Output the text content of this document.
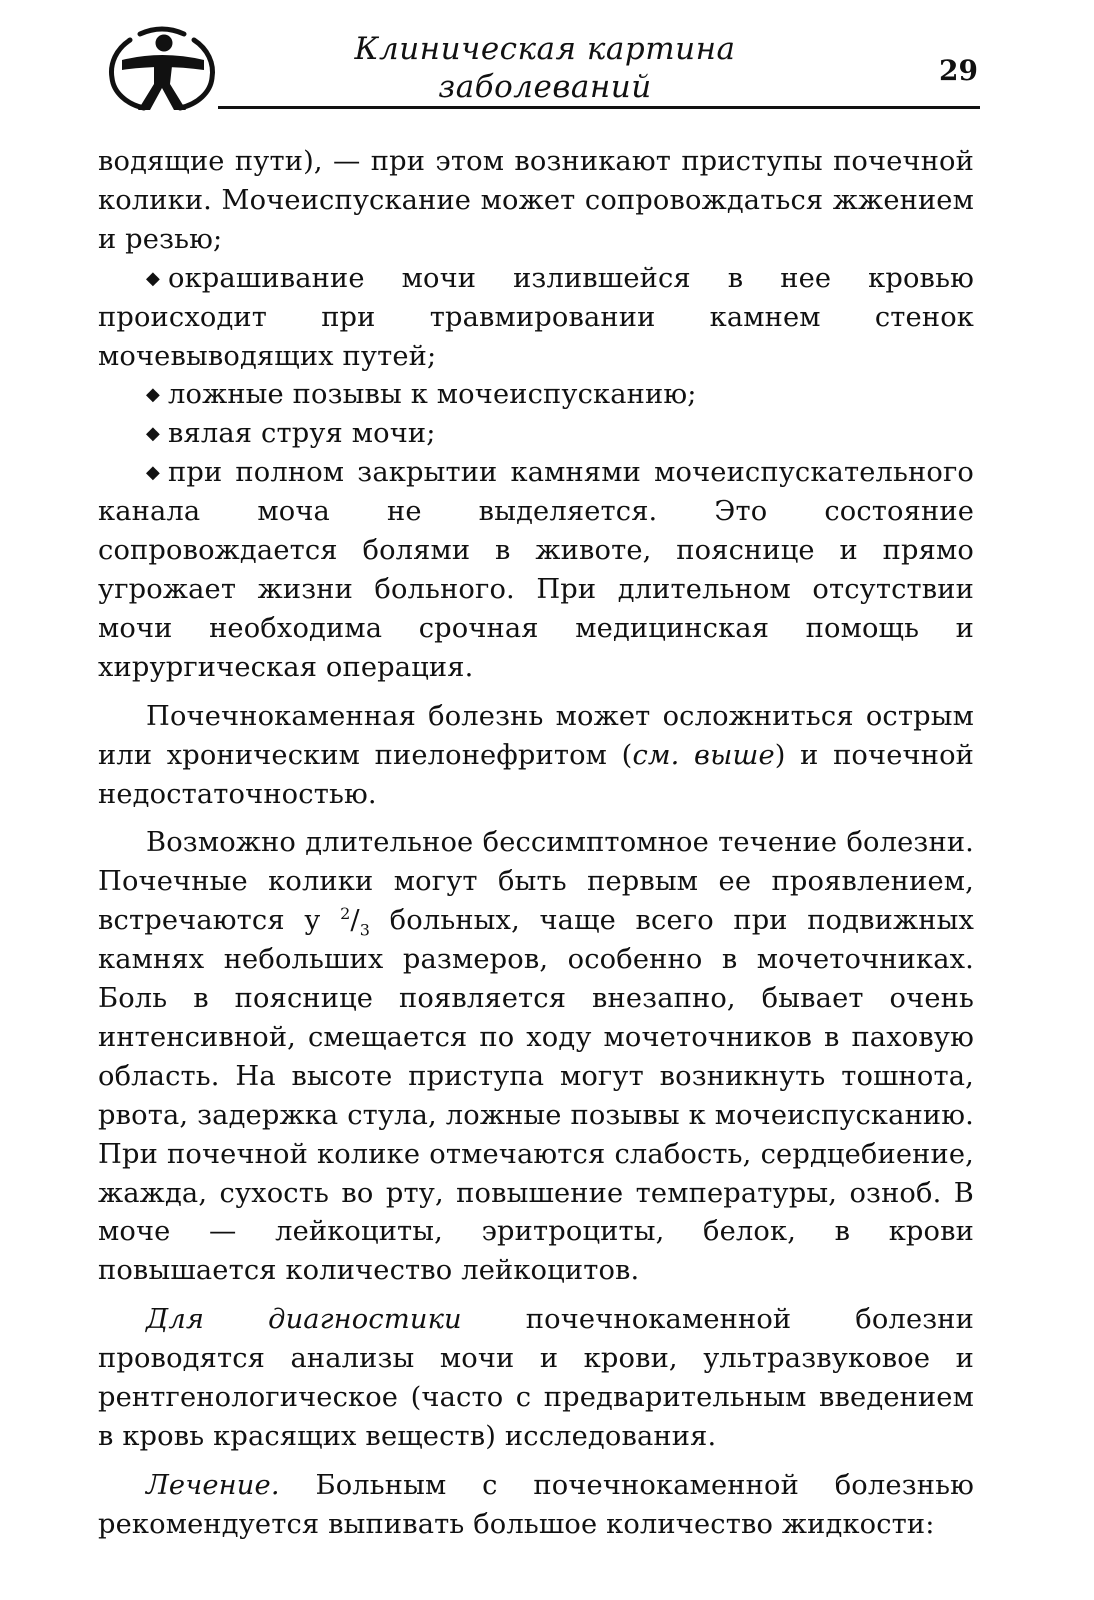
Клиническая картина
заболеваний	29

водящие пути), — при этом возникают приступы почечной колики. Мочеиспускание может сопровождаться жжением и резью;

◆ окрашивание мочи излившейся в нее кровью происходит при травмировании камнем стенок мочевыводящих путей;

◆ ложные позывы к мочеиспусканию;

◆ вялая струя мочи;

◆ при полном закрытии камнями мочеиспускательного канала моча не выделяется. Это состояние сопровождается болями в животе, пояснице и прямо угрожает жизни больного. При длительном отсутствии мочи необходима срочная медицинская помощь и хирургическая операция.

Почечнокаменная болезнь может осложниться острым или хроническим пиелонефритом (см. выше) и почечной недостаточностью.

Возможно длительное бессимптомное течение болезни. Почечные колики могут быть первым ее проявлением, встречаются у $^2/_3$ больных, чаще всего при подвижных камнях небольших размеров, особенно в мочеточниках. Боль в пояснице появляется внезапно, бывает очень интенсивной, смещается по ходу мочеточников в паховую область. На высоте приступа могут возникнуть тошнота, рвота, задержка стула, ложные позывы к мочеиспусканию. При почечной колике отмечаются слабость, сердцебиение, жажда, сухость во рту, повышение температуры, озноб. В моче — лейкоциты, эритроциты, белок, в крови повышается количество лейкоцитов.

Для диагностики почечнокаменной болезни проводятся анализы мочи и крови, ультразвуковое и рентгенологическое (часто с предварительным введением в кровь красящих веществ) исследования.

Лечение. Больным с почечнокаменной болезнью рекомендуется выпивать большое количество жидкости:
